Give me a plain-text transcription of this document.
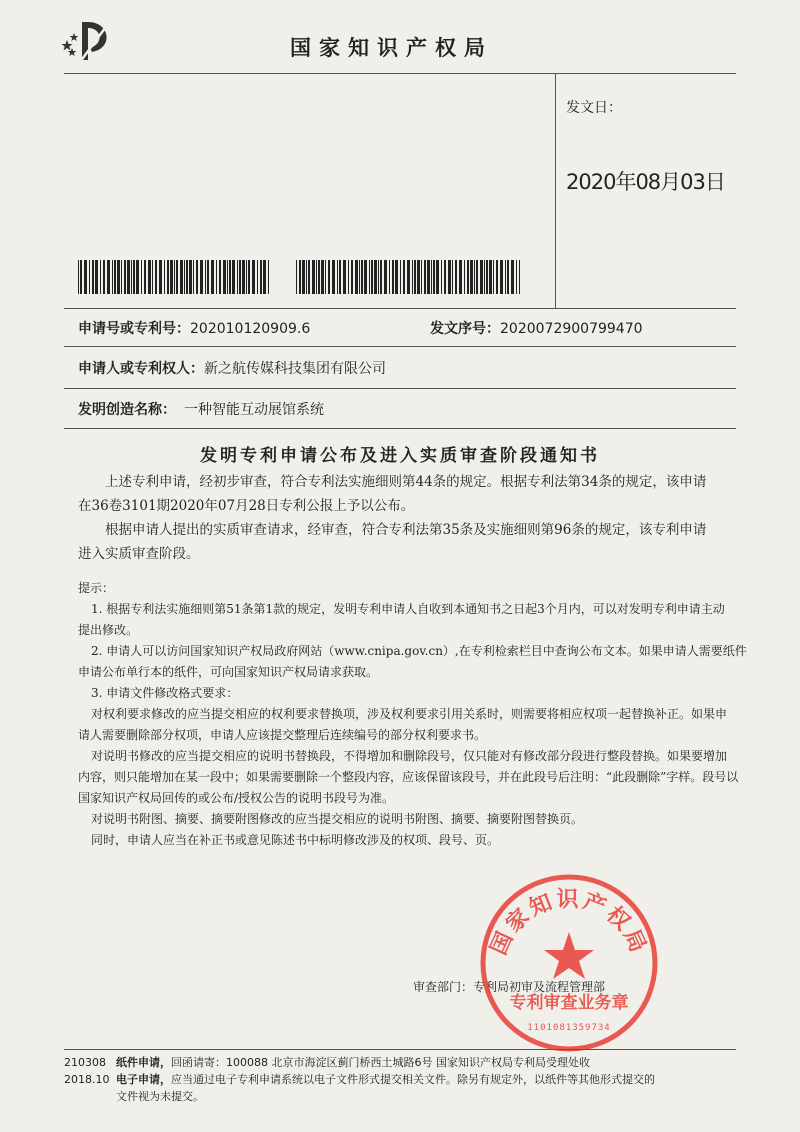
国家知识产权局
发文日：
2020年08月03日
申请号或专利号：202010120909.6	发文序号：2020072900799470
申请人或专利权人：新之航传媒科技集团有限公司
发明创造名称： 一种智能互动展馆系统
发明专利申请公布及进入实质审查阶段通知书
上述专利申请，经初步审查，符合专利法实施细则第44条的规定。根据专利法第34条的规定，该申请
在36卷3101期2020年07月28日专利公报上予以公布。
根据申请人提出的实质审查请求，经审查，符合专利法第35条及实施细则第96条的规定，该专利申请
进入实质审查阶段。
提示：
1. 根据专利法实施细则第51条第1款的规定，发明专利申请人自收到本通知书之日起3个月内，可以对发明专利申请主动
提出修改。
2. 申请人可以访问国家知识产权局政府网站（www.cnipa.gov.cn）,在专利检索栏目中查询公布文本。如果申请人需要纸件
申请公布单行本的纸件，可向国家知识产权局请求获取。
3. 申请文件修改格式要求：
对权利要求修改的应当提交相应的权利要求替换项，涉及权利要求引用关系时，则需要将相应权项一起替换补正。如果申
请人需要删除部分权项，申请人应该提交整理后连续编号的部分权利要求书。
对说明书修改的应当提交相应的说明书替换段，不得增加和删除段号，仅只能对有修改部分段进行整段替换。如果要增加
内容，则只能增加在某一段中；如果需要删除一个整段内容，应该保留该段号，并在此段号后注明：“此段删除”字样。段号以
国家知识产权局回传的或公布/授权公告的说明书段号为准。
对说明书附图、摘要、摘要附图修改的应当提交相应的说明书附图、摘要、摘要附图替换页。
同时，申请人应当在补正书或意见陈述书中标明修改涉及的权项、段号、页。
审查部门：专利局初审及流程管理部
国家知识产权局
专利审查业务章
1101081359734
210308 纸件申请，回函请寄：100088 北京市海淀区蓟门桥西土城路6号 国家知识产权局专利局受理处收
2018.10 电子申请，应当通过电子专利申请系统以电子文件形式提交相关文件。除另有规定外，以纸件等其他形式提交的
文件视为未提交。
